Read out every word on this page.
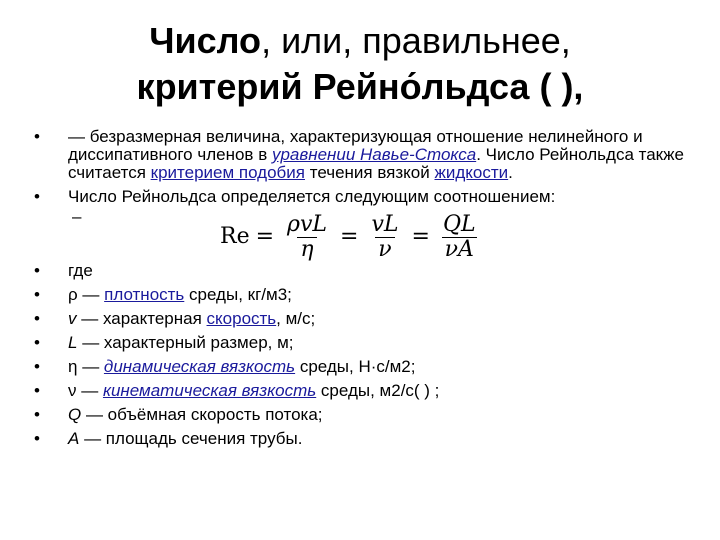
Число, или, правильнее,
критерий Рейно́льдса ( ),
• — безразмерная величина, характеризующая отношение нелинейного и диссипативного членов в уравнении Навье-Стокса. Число Рейнольдса также считается критерием подобия течения вязкой жидкости.
• Число Рейнольдса определяется следующим соотношением:
–
$Re = \frac{\text{ρvL}}{\eta} = \frac{vL}{\nu} = \frac{QL}{\nu A}$
• где
• ρ — плотность среды, кг/м3;
• v — характерная скорость, м/с;
• L — характерный размер, м;
• η — динамическая вязкость среды, Н·с/м2;
• ν — кинематическая вязкость среды, м2/с( ) ;
• Q — объёмная скорость потока;
• A — площадь сечения трубы.
